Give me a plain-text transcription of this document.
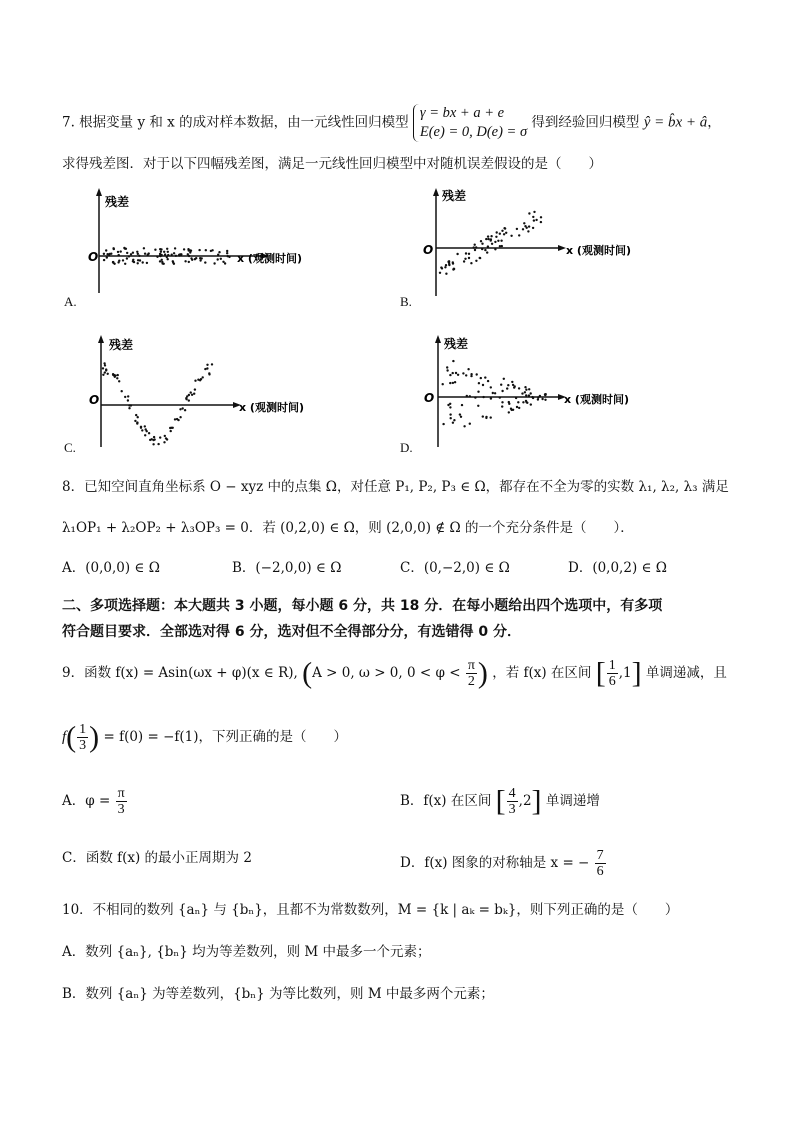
7. 根据变量 y 和 x 的成对样本数据，由一元线性回归模型 γ = bx + a + e
E(e) = 0, D(e) = σ 得到经验回归模型 ŷ = b̂x + â，
求得残差图．对于以下四幅残差图，满足一元线性回归模型中对随机误差假设的是（　　）
残差
O	x (观测时间)
A.
残差
O	x (观测时间)
B.
残差
O
x (观测时间)
C.
残差
O	x (观测时间)
D.
8．已知空间直角坐标系 O − xyz 中的点集 Ω，对任意 P₁, P₂, P₃ ∈ Ω，都存在不全为零的实数 λ₁, λ₂, λ₃ 满足
λ₁OP₁ + λ₂OP₂ + λ₃OP₃ = 0．若 (0,2,0) ∈ Ω，则 (2,0,0) ∉ Ω 的一个充分条件是（　　）．
A．(0,0,0) ∈ Ω	B．(−2,0,0) ∈ Ω	C．(0,−2,0) ∈ Ω	D．(0,0,2) ∈ Ω
二、多项选择题：本大题共 3 小题，每小题 6 分，共 18 分．在每小题给出四个选项中，有多项
符合题目要求．全部选对得 6 分，选对但不全得部分分，有选错得 0 分．
9．函数 f(x) = Asin(ωx + φ)(x ∈ R), (A > 0, ω > 0, $0 < \varphi < \frac{\pi}{2}$ ) ，若 f(x) 在区间 [ $\frac{1}{6} ,1$] 单调递减，且
$f( \frac{1}{3}$ ) = f(0) = −f(1)，下列正确的是（　　）
A．$\varphi = \frac{\pi}{3}$	B．f(x) 在区间 [ $\frac{4}{3} ,2$] 单调递增
C．函数 f(x) 的最小正周期为 2	D．f(x) 图象的对称轴是 x = − $\frac{7}{6}$
10．不相同的数列 {aₙ} 与 {bₙ}，且都不为常数数列，M = {k | aₖ = bₖ}，则下列正确的是（　　）
A．数列 {aₙ}, {bₙ} 均为等差数列，则 M 中最多一个元素；
B．数列 {aₙ} 为等差数列，{bₙ} 为等比数列，则 M 中最多两个元素；
